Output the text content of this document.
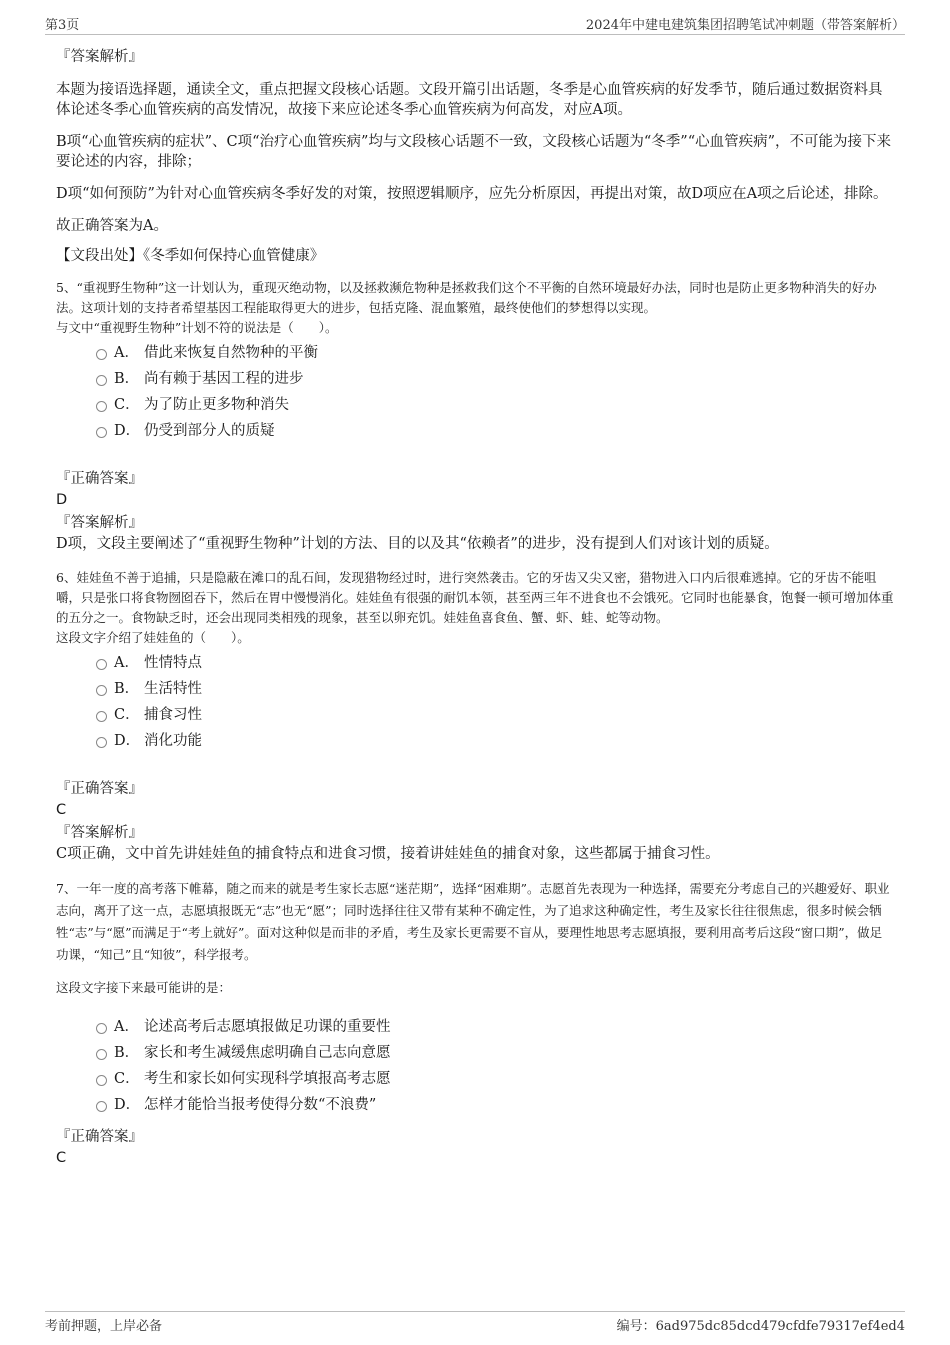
第3页	2024年中建电建筑集团招聘笔试冲刺题（带答案解析）

『答案解析』

本题为接语选择题，通读全文，重点把握文段核心话题。文段开篇引出话题，冬季是心血管疾病的好发季节，随后通过数据资料具体论述冬季心血管疾病的高发情况，故接下来应论述冬季心血管疾病为何高发，对应A项。

B项“心血管疾病的症状”、C项“治疗心血管疾病”均与文段核心话题不一致，文段核心话题为“冬季”“心血管疾病”，不可能为接下来要论述的内容，排除；

D项“如何预防”为针对心血管疾病冬季好发的对策，按照逻辑顺序，应先分析原因，再提出对策，故D项应在A项之后论述，排除。

故正确答案为A。

【文段出处】《冬季如何保持心血管健康》

5、“重视野生物种”这一计划认为，重现灭绝动物，以及拯救濒危物种是拯救我们这个不平衡的自然环境最好办法，同时也是防止更多物种消失的好办法。这项计划的支持者希望基因工程能取得更大的进步，包括克隆、混血繁殖，最终使他们的梦想得以实现。

与文中“重视野生物种”计划不符的说法是（　　）。

A． 借此来恢复自然物种的平衡
B． 尚有赖于基因工程的进步
C． 为了防止更多物种消失
D． 仍受到部分人的质疑

『正确答案』

D

『答案解析』

D项，文段主要阐述了“重视野生物种”计划的方法、目的以及其“依赖者”的进步，没有提到人们对该计划的质疑。

6、娃娃鱼不善于追捕，只是隐蔽在滩口的乱石间，发现猎物经过时，进行突然袭击。它的牙齿又尖又密，猎物进入口内后很难逃掉。它的牙齿不能咀嚼，只是张口将食物囫囵吞下，然后在胃中慢慢消化。娃娃鱼有很强的耐饥本领，甚至两三年不进食也不会饿死。它同时也能暴食，饱餐一顿可增加体重的五分之一。食物缺乏时，还会出现同类相残的现象，甚至以卵充饥。娃娃鱼喜食鱼、蟹、虾、蛙、蛇等动物。

这段文字介绍了娃娃鱼的（　　）。

A． 性情特点
B． 生活特性
C． 捕食习性
D． 消化功能

『正确答案』

C

『答案解析』

C项正确，文中首先讲娃娃鱼的捕食特点和进食习惯，接着讲娃娃鱼的捕食对象，这些都属于捕食习性。

7、一年一度的高考落下帷幕，随之而来的就是考生家长志愿“迷茫期”，选择“困难期”。志愿首先表现为一种选择，需要充分考虑自己的兴趣爱好、职业志向，离开了这一点，志愿填报既无“志”也无“愿”；同时选择往往又带有某种不确定性，为了追求这种确定性，考生及家长往往很焦虑，很多时候会牺牲“志”与“愿”而满足于“考上就好”。面对这种似是而非的矛盾，考生及家长更需要不盲从，要理性地思考志愿填报，要利用高考后这段“窗口期”，做足功课，“知己”且“知彼”，科学报考。

这段文字接下来最可能讲的是：

A． 论述高考后志愿填报做足功课的重要性
B． 家长和考生减缓焦虑明确自己志向意愿
C． 考生和家长如何实现科学填报高考志愿
D． 怎样才能恰当报考使得分数“不浪费”

『正确答案』

C

考前押题，上岸必备	编号：6ad975dc85dcd479cfdfe79317ef4ed4
